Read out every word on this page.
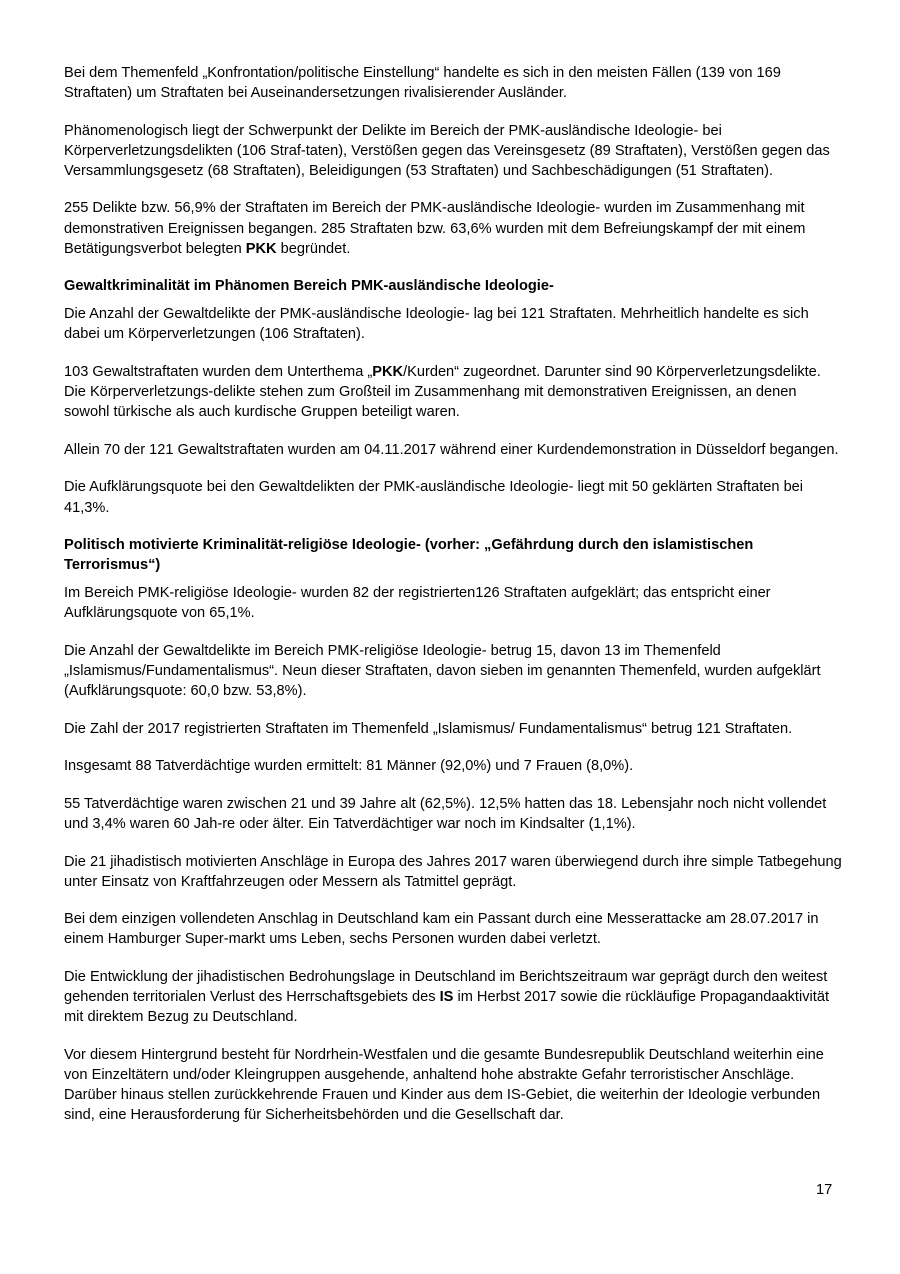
Bei dem Themenfeld „Konfrontation/politische Einstellung“ handelte es sich in den meisten Fällen (139 von 169 Straftaten) um Straftaten bei Auseinandersetzungen rivalisierender Ausländer.

Phänomenologisch liegt der Schwerpunkt der Delikte im Bereich der PMK-ausländische Ideologie- bei Körperverletzungsdelikten (106 Straf-taten), Verstößen gegen das Vereinsgesetz (89 Straftaten), Verstößen gegen das Versammlungsgesetz (68 Straftaten), Beleidigungen (53 Straftaten) und Sachbeschädigungen (51 Straftaten).

255 Delikte bzw. 56,9% der Straftaten im Bereich der PMK-ausländische Ideologie- wurden im Zusammenhang mit demonstrativen Ereignissen begangen. 285 Straftaten bzw. 63,6% wurden mit dem Befreiungskampf der mit einem Betätigungsverbot belegten PKK begründet.

Gewaltkriminalität im Phänomen Bereich PMK-ausländische Ideologie-

Die Anzahl der Gewaltdelikte der PMK-ausländische Ideologie- lag bei 121 Straftaten. Mehrheitlich handelte es sich dabei um Körperverletzungen (106 Straftaten).

103 Gewaltstraftaten wurden dem Unterthema „PKK/Kurden“ zugeordnet. Darunter sind 90 Körperverletzungsdelikte. Die Körperverletzungs-delikte stehen zum Großteil im Zusammenhang mit demonstrativen Ereignissen, an denen sowohl türkische als auch kurdische Gruppen beteiligt waren.

Allein 70 der 121 Gewaltstraftaten wurden am 04.11.2017 während einer Kurdendemonstration in Düsseldorf begangen.

Die Aufklärungsquote bei den Gewaltdelikten der PMK-ausländische Ideologie- liegt mit 50 geklärten Straftaten bei 41,3%.

Politisch motivierte Kriminalität-religiöse Ideologie- (vorher: „Gefährdung durch den islamistischen Terrorismus“)

Im Bereich PMK-religiöse Ideologie- wurden 82 der registrierten126 Straftaten aufgeklärt; das entspricht einer Aufklärungsquote von 65,1%.

Die Anzahl der Gewaltdelikte im Bereich PMK-religiöse Ideologie- betrug 15, davon 13 im Themenfeld „Islamismus/Fundamentalismus“. Neun dieser Straftaten, davon sieben im genannten Themenfeld, wurden aufgeklärt (Aufklärungsquote: 60,0 bzw. 53,8%).

Die Zahl der 2017 registrierten Straftaten im Themenfeld „Islamismus/ Fundamentalismus“ betrug 121 Straftaten.

Insgesamt 88 Tatverdächtige wurden ermittelt: 81 Männer (92,0%) und 7 Frauen (8,0%).

55 Tatverdächtige waren zwischen 21 und 39 Jahre alt (62,5%). 12,5% hatten das 18. Lebensjahr noch nicht vollendet und 3,4% waren 60 Jah-re oder älter. Ein Tatverdächtiger war noch im Kindsalter (1,1%).

Die 21 jihadistisch motivierten Anschläge in Europa des Jahres 2017 waren überwiegend durch ihre simple Tatbegehung unter Einsatz von Kraftfahrzeugen oder Messern als Tatmittel geprägt.

Bei dem einzigen vollendeten Anschlag in Deutschland kam ein Passant durch eine Messerattacke am 28.07.2017 in einem Hamburger Super-markt ums Leben, sechs Personen wurden dabei verletzt.

Die Entwicklung der jihadistischen Bedrohungslage in Deutschland im Berichtszeitraum war geprägt durch den weitest gehenden territorialen Verlust des Herrschaftsgebiets des IS im Herbst 2017 sowie die rückläufige Propagandaaktivität mit direktem Bezug zu Deutschland.

Vor diesem Hintergrund besteht für Nordrhein-Westfalen und die gesamte Bundesrepublik Deutschland weiterhin eine von Einzeltätern und/oder Kleingruppen ausgehende, anhaltend hohe abstrakte Gefahr terroristischer Anschläge. Darüber hinaus stellen zurückkehrende Frauen und Kinder aus dem IS-Gebiet, die weiterhin der Ideologie verbunden sind, eine Herausforderung für Sicherheitsbehörden und die Gesellschaft dar.

17
